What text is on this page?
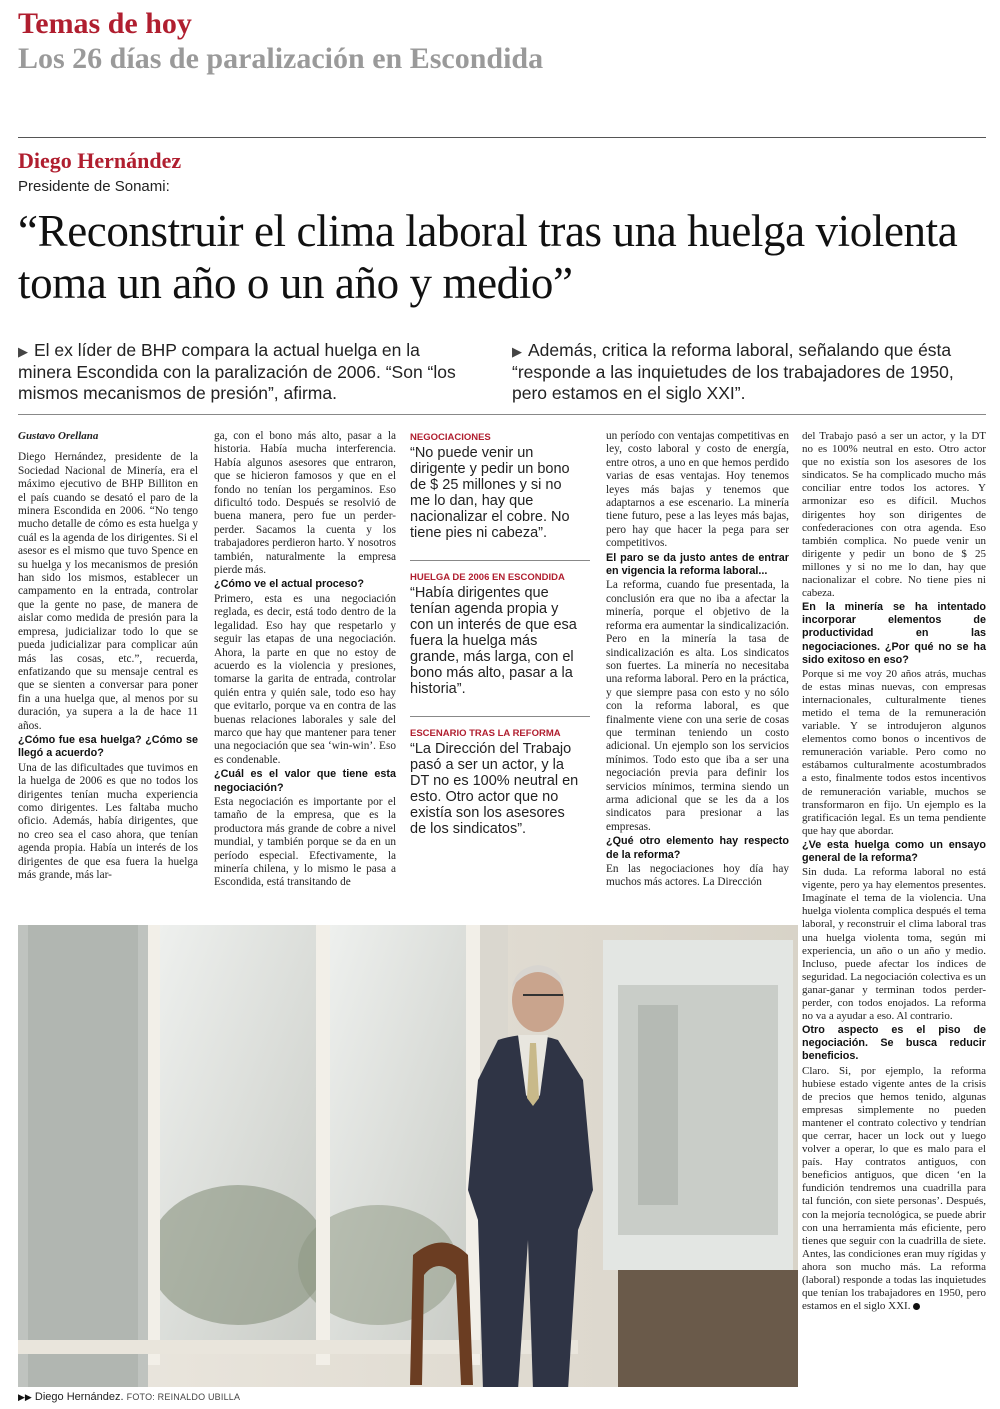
Temas de hoy
Los 26 días de paralización en Escondida
Diego Hernández
Presidente de Sonami:
“Reconstruir el clima laboral tras una huelga violenta toma un año o un año y medio”
▶ El ex líder de BHP compara la actual huelga en la minera Escondida con la paralización de 2006. “Son “los mismos mecanismos de presión”, afirma.
▶ Además, critica la reforma laboral, señalando que ésta “responde a las inquietudes de los trabajadores de 1950, pero estamos en el siglo XXI”.

Gustavo Orellana

Diego Hernández, presidente de la Sociedad Nacional de Minería, era el máximo ejecutivo de BHP Billiton en el país cuando se desató el paro de la minera Escondida en 2006. “No tengo mucho detalle de cómo es esta huelga y cuál es la agenda de los dirigentes. Si el asesor es el mismo que tuvo Spence en su huelga y los mecanismos de presión han sido los mismos, establecer un campamento en la entrada, controlar que la gente no pase, de manera de aislar como medida de presión para la empresa, judicializar todo lo que se pueda judicializar para complicar aún más las cosas, etc.”, recuerda, enfatizando que su mensaje central es que se sienten a conversar para poner fin a una huelga que, al menos por su duración, ya supera a la de hace 11 años.

¿Cómo fue esa huelga? ¿Cómo se llegó a acuerdo?

Una de las dificultades que tuvimos en la huelga de 2006 es que no todos los dirigentes tenían mucha experiencia como dirigentes. Les faltaba mucho oficio. Además, había dirigentes, que no creo sea el caso ahora, que tenían agenda propia. Había un interés de los dirigentes de que esa fuera la huelga más grande, más lar-

ga, con el bono más alto, pasar a la historia. Había mucha interferencia. Había algunos asesores que entraron, que se hicieron famosos y que en el fondo no tenían los pergaminos. Eso dificultó todo. Después se resolvió de buena manera, pero fue un perder-perder. Sacamos la cuenta y los trabajadores perdieron harto. Y nosotros también, naturalmente la empresa pierde más.

¿Cómo ve el actual proceso?

Primero, esta es una negociación reglada, es decir, está todo dentro de la legalidad. Eso hay que respetarlo y seguir las etapas de una negociación. Ahora, la parte en que no estoy de acuerdo es la violencia y presiones, tomarse la garita de entrada, controlar quién entra y quién sale, todo eso hay que evitarlo, porque va en contra de las buenas relaciones laborales y sale del marco que hay que mantener para tener una negociación que sea ‘win-win’. Eso es condenable.

¿Cuál es el valor que tiene esta negociación?

Esta negociación es importante por el tamaño de la empresa, que es la productora más grande de cobre a nivel mundial, y también porque se da en un período especial. Efectivamente, la minería chilena, y lo mismo le pasa a Escondida, está transitando de

NEGOCIACIONES
“No puede venir un dirigente y pedir un bono de $ 25 millones y si no me lo dan, hay que nacionalizar el cobre. No tiene pies ni cabeza”.
HUELGA DE 2006 EN ESCONDIDA
“Había dirigentes que tenían agenda propia y con un interés de que esa fuera la huelga más grande, más larga, con el bono más alto, pasar a la historia”.
ESCENARIO TRAS LA REFORMA
“La Dirección del Trabajo pasó a ser un actor, y la DT no es 100% neutral en esto. Otro actor que no existía son los asesores de los sindicatos”.

un período con ventajas competitivas en ley, costo laboral y costo de energía, entre otros, a uno en que hemos perdido varias de esas ventajas. Hoy tenemos leyes más bajas y tenemos que adaptarnos a ese escenario. La minería tiene futuro, pese a las leyes más bajas, pero hay que hacer la pega para ser competitivos.

El paro se da justo antes de entrar en vigencia la reforma laboral...

La reforma, cuando fue presentada, la conclusión era que no iba a afectar la minería, porque el objetivo de la reforma era aumentar la sindicalización. Pero en la minería la tasa de sindicalización es alta. Los sindicatos son fuertes. La minería no necesitaba una reforma laboral. Pero en la práctica, y que siempre pasa con esto y no sólo con la reforma laboral, es que finalmente viene con una serie de cosas que terminan teniendo un costo adicional. Un ejemplo son los servicios mínimos. Todo esto que iba a ser una negociación previa para definir los servicios mínimos, termina siendo un arma adicional que se les da a los sindicatos para presionar a las empresas.

¿Qué otro elemento hay respecto de la reforma?

En las negociaciones hoy día hay muchos más actores. La Dirección

del Trabajo pasó a ser un actor, y la DT no es 100% neutral en esto. Otro actor que no existía son los asesores de los sindicatos. Se ha complicado mucho más conciliar entre todos los actores. Y armonizar eso es difícil. Muchos dirigentes hoy son dirigentes de confederaciones con otra agenda. Eso también complica. No puede venir un dirigente y pedir un bono de $ 25 millones y si no me lo dan, hay que nacionalizar el cobre. No tiene pies ni cabeza.

En la minería se ha intentado incorporar elementos de productividad en las negociaciones. ¿Por qué no se ha sido exitoso en eso?

Porque si me voy 20 años atrás, muchas de estas minas nuevas, con empresas internacionales, culturalmente tienes metido el tema de la remuneración variable. Y se introdujeron algunos elementos como bonos o incentivos de remuneración variable. Pero como no estábamos culturalmente acostumbrados a esto, finalmente todos estos incentivos de remuneración variable, muchos se transformaron en fijo. Un ejemplo es la gratificación legal. Es un tema pendiente que hay que abordar.

¿Ve esta huelga como un ensayo general de la reforma?

Sin duda. La reforma laboral no está vigente, pero ya hay elementos presentes. Imagínate el tema de la violencia. Una huelga violenta complica después el tema laboral, y reconstruir el clima laboral tras una huelga violenta toma, según mi experiencia, un año o un año y medio. Incluso, puede afectar los índices de seguridad. La negociación colectiva es un ganar-ganar y terminan todos perder-perder, con todos enojados. La reforma no va a ayudar a eso. Al contrario.

Otro aspecto es el piso de negociación. Se busca reducir beneficios.

Claro. Si, por ejemplo, la reforma hubiese estado vigente antes de la crisis de precios que hemos tenido, algunas empresas simplemente no pueden mantener el contrato colectivo y tendrían que cerrar, hacer un lock out y luego volver a operar, lo que es malo para el país. Hay contratos antiguos, con beneficios antiguos, que dicen ‘en la fundición tendremos una cuadrilla para tal función, con siete personas’. Después, con la mejoría tecnológica, se puede abrir con una herramienta más eficiente, pero tienes que seguir con la cuadrilla de siete. Antes, las condiciones eran muy rígidas y ahora son mucho más. La reforma (laboral) responde a todas las inquietudes que tenían los trabajadores en 1950, pero estamos en el siglo XXI.

▶▶ Diego Hernández. FOTO: REINALDO UBILLA
